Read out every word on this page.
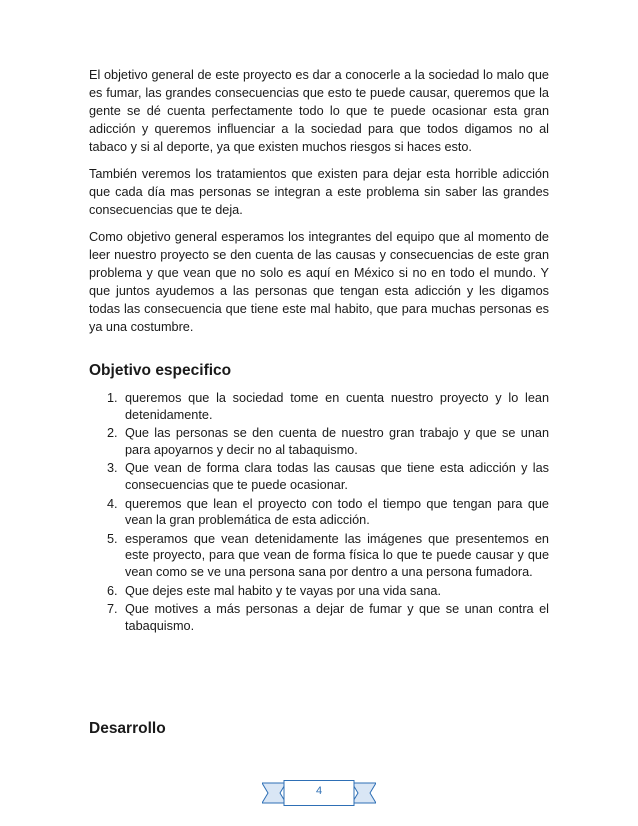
El objetivo general de este proyecto es dar a conocerle a la sociedad lo malo que es fumar, las grandes consecuencias que esto te puede causar, queremos que la gente se dé cuenta perfectamente todo lo que te puede ocasionar esta gran adicción y queremos influenciar a la sociedad para que todos digamos no al tabaco y si al deporte, ya que existen muchos riesgos si haces esto.

También veremos los tratamientos que existen para dejar esta horrible adicción que cada día mas personas se integran a este problema sin saber las grandes consecuencias que te deja.

Como objetivo general esperamos los integrantes del equipo que al momento de leer nuestro proyecto se den cuenta de las causas y consecuencias de este gran problema y que vean que no solo es aquí en México si no en todo el mundo. Y que juntos ayudemos a las personas que tengan esta adicción y les digamos todas las consecuencia que tiene este mal habito, que para muchas personas es ya una costumbre.

Objetivo especifico
1. queremos que la sociedad tome en cuenta nuestro proyecto y lo lean detenidamente.
2. Que las personas se den cuenta de nuestro gran trabajo y que se unan para apoyarnos y decir no al tabaquismo.
3. Que vean de forma clara todas las causas que tiene esta adicción y las consecuencias que te puede ocasionar.
4. queremos que lean el proyecto con todo el tiempo que tengan para que vean la gran problemática de esta adicción.
5. esperamos que vean detenidamente las imágenes que presentemos en este proyecto, para que vean de forma física lo que te puede causar y que vean como se ve una persona sana por dentro a una persona fumadora.
6. Que dejes este mal habito y te vayas por una vida sana.
7. Que motives a más personas a dejar de fumar y que se unan contra el tabaquismo.
Desarrollo
4
